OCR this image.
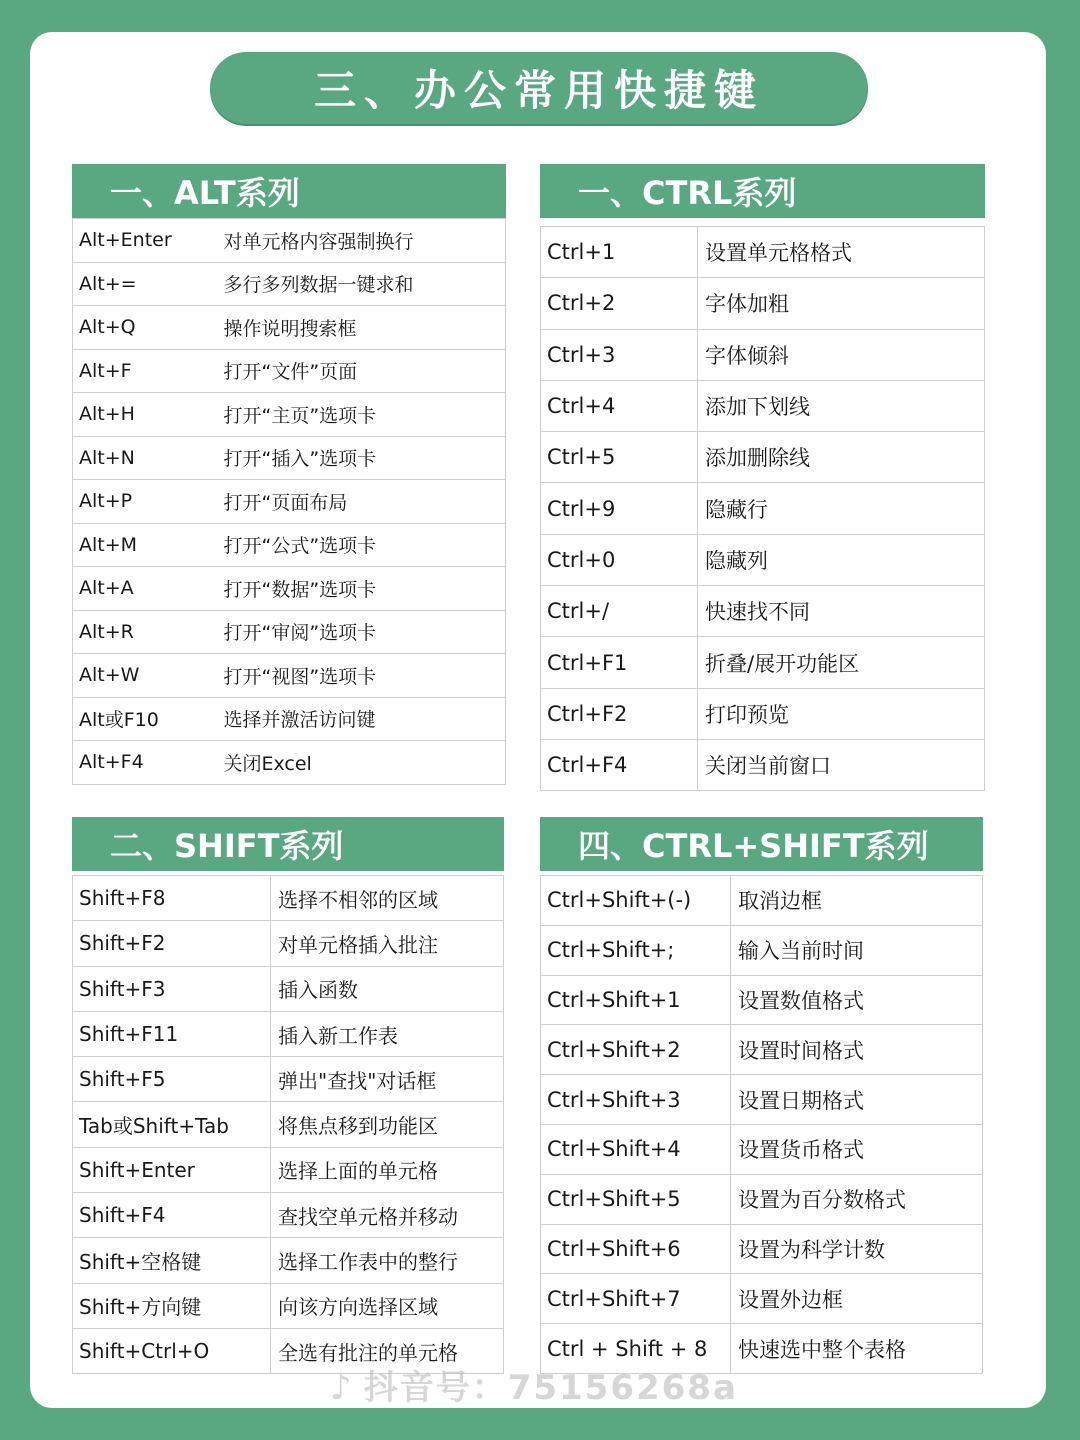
三、办公常用快捷键
一、ALT系列
Alt+Enter	对单元格内容强制换行
Alt+=	多行多列数据一键求和
Alt+Q	操作说明搜索框
Alt+F	打开“文件”页面
Alt+H	打开“主页”选项卡
Alt+N	打开“插入”选项卡
Alt+P	打开“页面布局
Alt+M	打开“公式”选项卡
Alt+A	打开“数据”选项卡
Alt+R	打开“审阅”选项卡
Alt+W	打开“视图”选项卡
Alt或F10	选择并激活访问键
Alt+F4	关闭Excel
一、CTRL系列
Ctrl+1	设置单元格格式
Ctrl+2	字体加粗
Ctrl+3	字体倾斜
Ctrl+4	添加下划线
Ctrl+5	添加删除线
Ctrl+9	隐藏行
Ctrl+0	隐藏列
Ctrl+/	快速找不同
Ctrl+F1	折叠/展开功能区
Ctrl+F2	打印预览
Ctrl+F4	关闭当前窗口
二、SHIFT系列
Shift+F8	选择不相邻的区域
Shift+F2	对单元格插入批注
Shift+F3	插入函数
Shift+F11	插入新工作表
Shift+F5	弹出"查找"对话框
Tab或Shift+Tab	将焦点移到功能区
Shift+Enter	选择上面的单元格
Shift+F4	查找空单元格并移动
Shift+空格键	选择工作表中的整行
Shift+方向键	向该方向选择区域
Shift+Ctrl+O	全选有批注的单元格
四、CTRL+SHIFT系列
Ctrl+Shift+(-)	取消边框
Ctrl+Shift+;	输入当前时间
Ctrl+Shift+1	设置数值格式
Ctrl+Shift+2	设置时间格式
Ctrl+Shift+3	设置日期格式
Ctrl+Shift+4	设置货币格式
Ctrl+Shift+5	设置为百分数格式
Ctrl+Shift+6	设置为科学计数
Ctrl+Shift+7	设置外边框
Ctrl + Shift + 8	快速选中整个表格
♪ 抖音号：75156268a
